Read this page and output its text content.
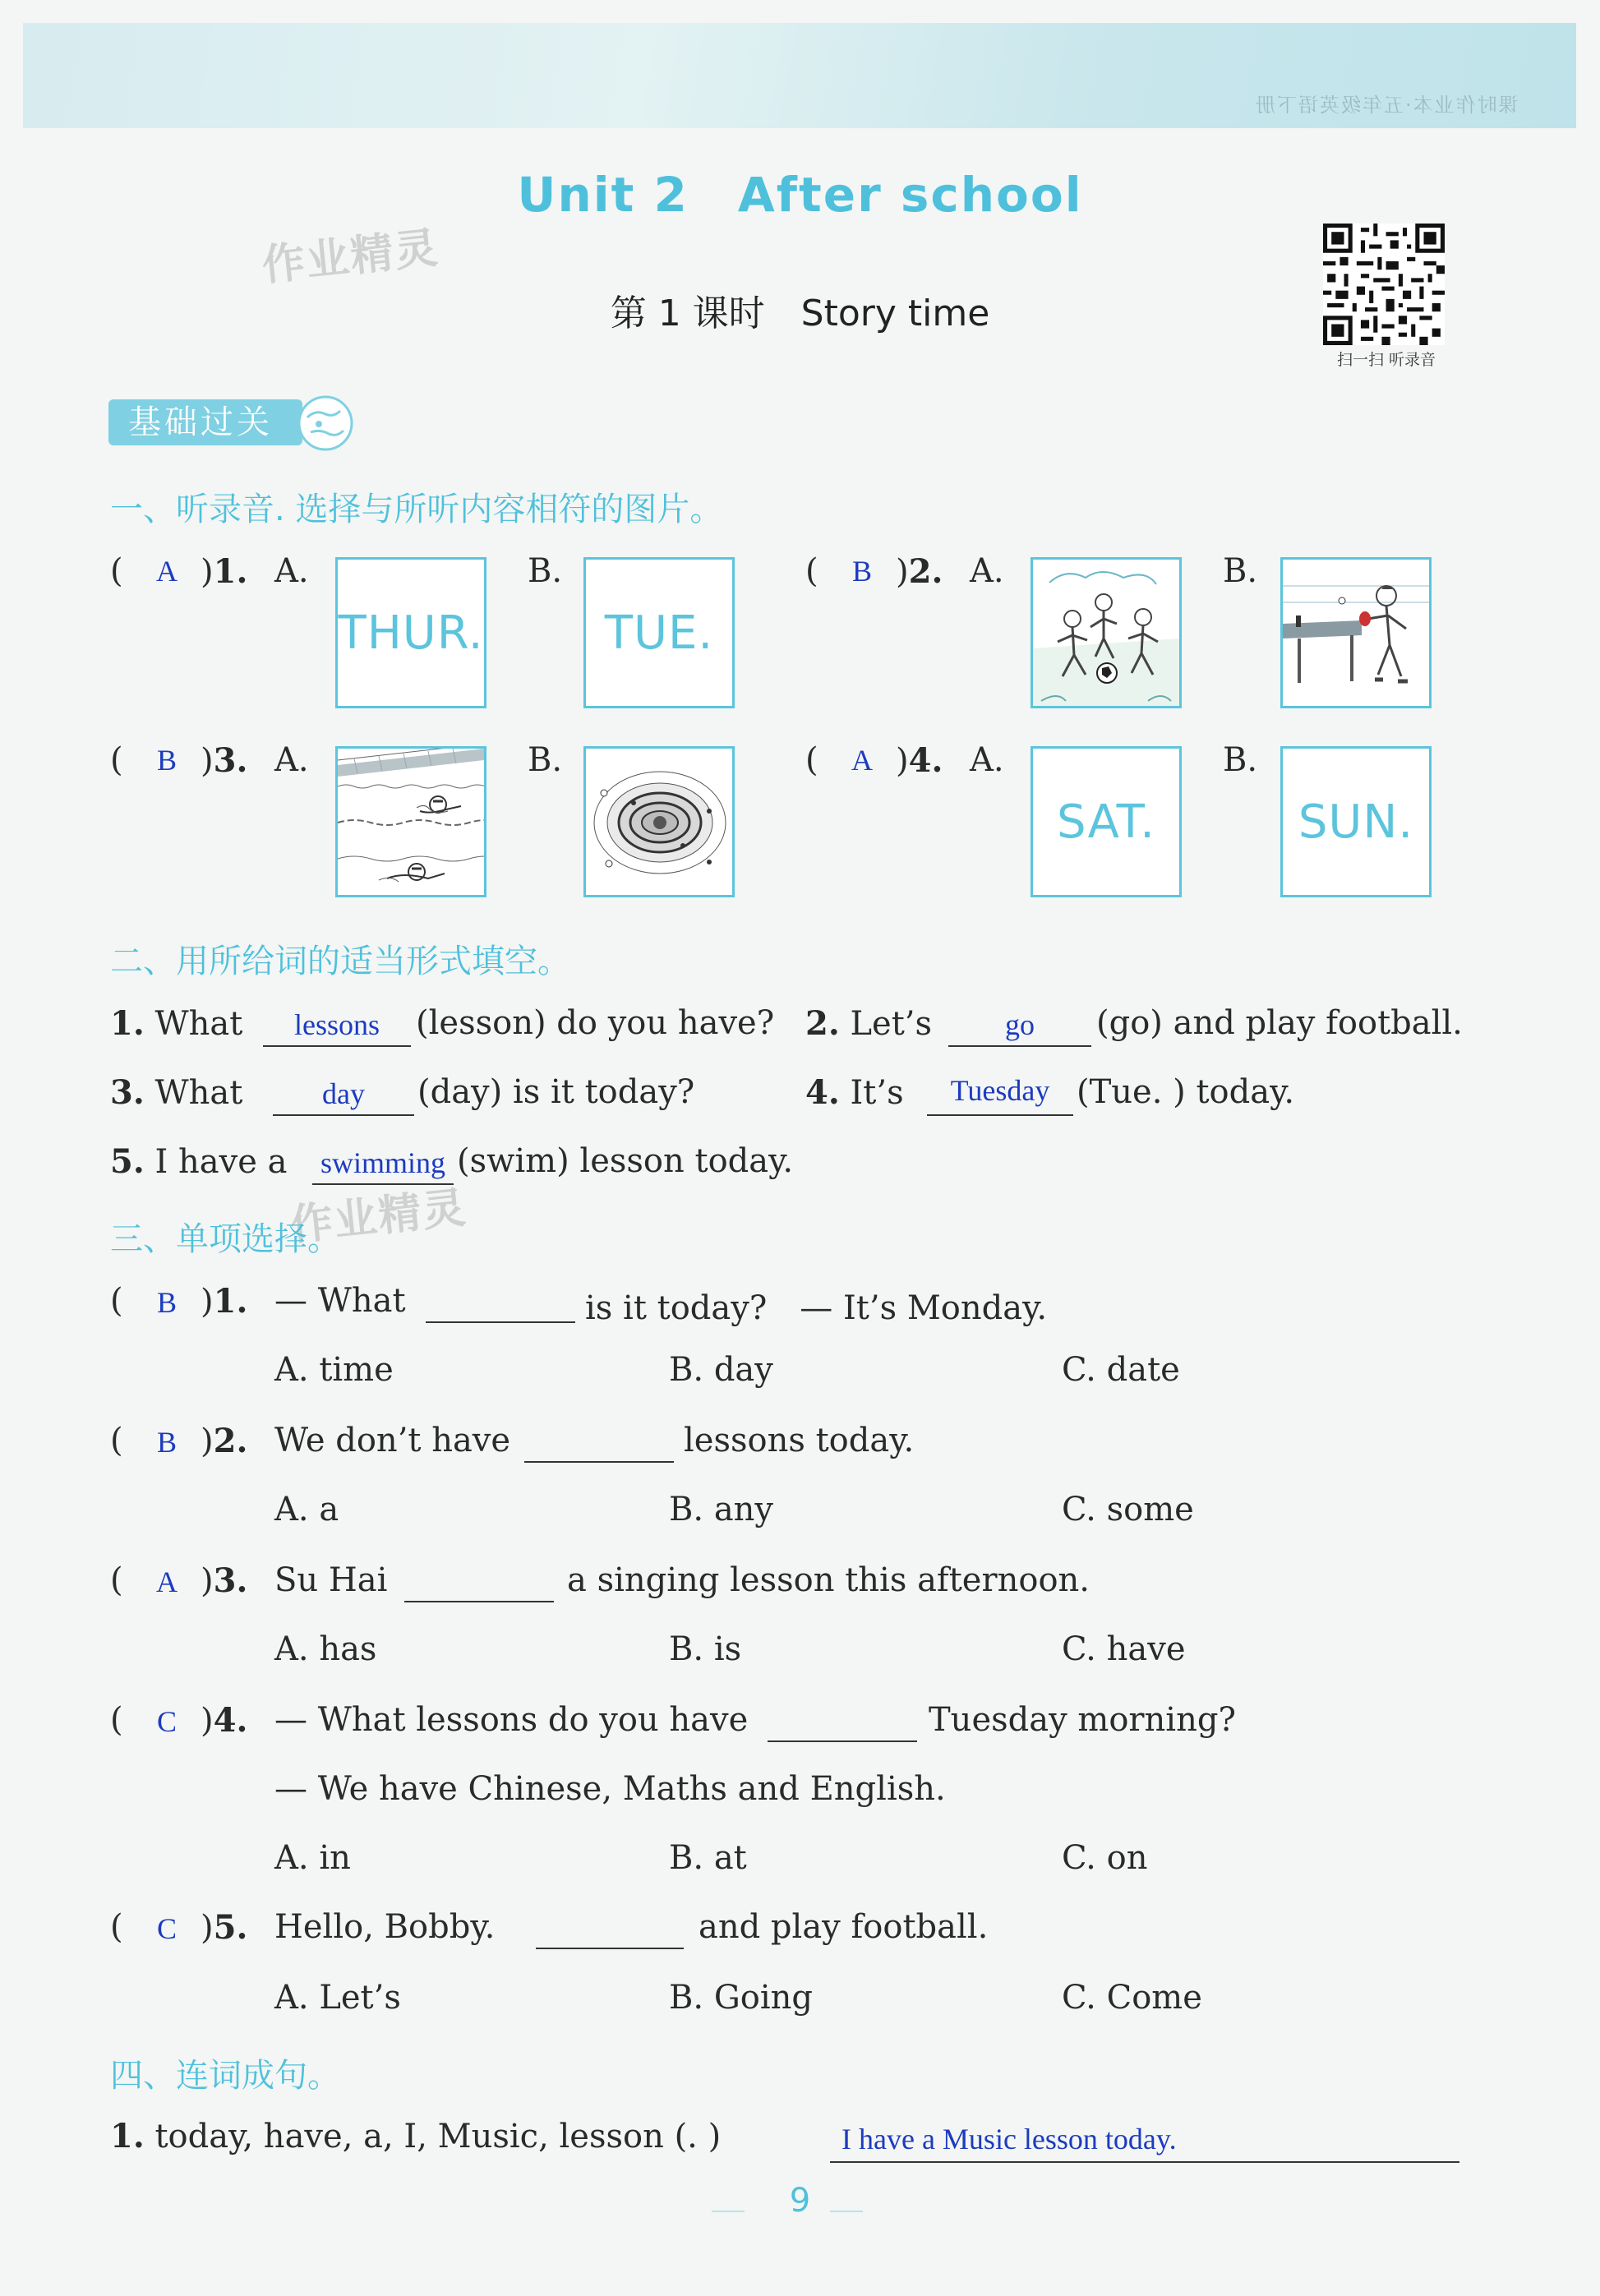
课时作业本·五年级英语下册
Unit 2　After school
第 1 课时　Story time
作业精灵
作业精灵
扫一扫 听录音
基础过关
一、听录音. 选择与所听内容相符的图片。
(	A )1. A.
THUR.
B.
TUE.
(	B )2. A.	B.
(	B )3. A.	B.	(	A )4. A.
SAT.
B.
SUN.
二、用所给词的适当形式填空。
1. What	lessons	(lesson) do you have? 2. Let’s	go	(go) and play football.
3. What	day	(day) is it today?	4. It’s	Tuesday (Tue. ) today.
5. I have a	swimming (swim) lesson today.
三、单项选择。
(	B )1. — What	is it today?　— It’s Monday.
A. time	B. day	C. date
(	B )2. We don’t have	lessons today.
A. a	B. any	C. some
(	A )3. Su Hai	a singing lesson this afternoon.
A. has	B. is	C. have
(	C )4. — What lessons do you have	Tuesday morning?
— We have Chinese, Maths and English.
A. in	B. at	C. on
(	C )5. Hello, Bobby.	and play football.
A. Let’s	B. Going	C. Come
四、连词成句。
1. today, have, a, I, Music, lesson (. )	I have a Music lesson today.
9
